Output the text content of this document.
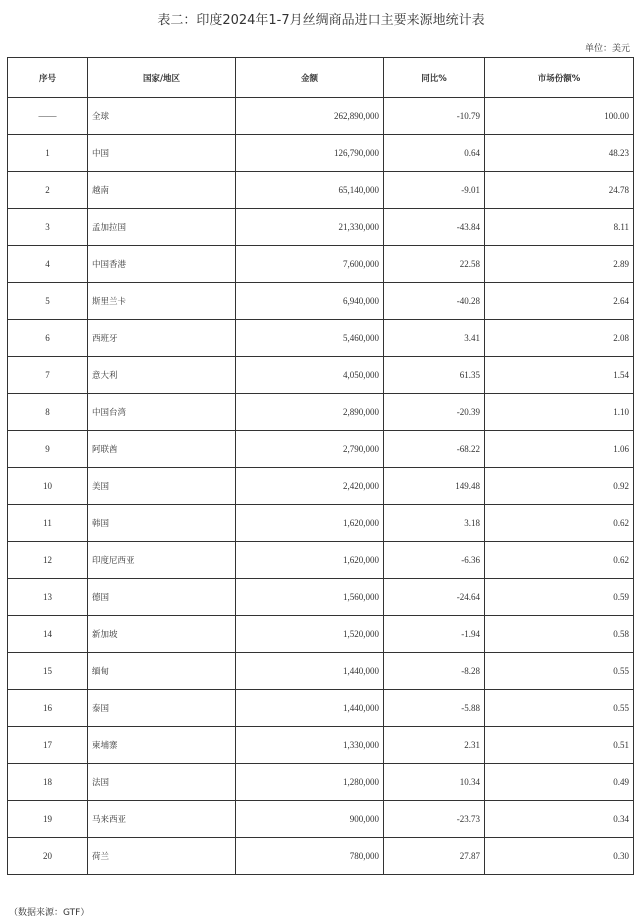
表二：印度2024年1-7月丝绸商品进口主要来源地统计表
单位：美元
序号	国家/地区	金额	同比%	市场份额%
——	全球	262,890,000	-10.79	100.00
1	中国	126,790,000	0.64	48.23
2	越南	65,140,000	-9.01	24.78
3	孟加拉国	21,330,000	-43.84	8.11
4	中国香港	7,600,000	22.58	2.89
5	斯里兰卡	6,940,000	-40.28	2.64
6	西班牙	5,460,000	3.41	2.08
7	意大利	4,050,000	61.35	1.54
8	中国台湾	2,890,000	-20.39	1.10
9	阿联酋	2,790,000	-68.22	1.06
10	美国	2,420,000	149.48	0.92
11	韩国	1,620,000	3.18	0.62
12	印度尼西亚	1,620,000	-6.36	0.62
13	德国	1,560,000	-24.64	0.59
14	新加坡	1,520,000	-1.94	0.58
15	缅甸	1,440,000	-8.28	0.55
16	泰国	1,440,000	-5.88	0.55
17	柬埔寨	1,330,000	2.31	0.51
18	法国	1,280,000	10.34	0.49
19	马来西亚	900,000	-23.73	0.34
20	荷兰	780,000	27.87	0.30
（数据来源：GTF）
